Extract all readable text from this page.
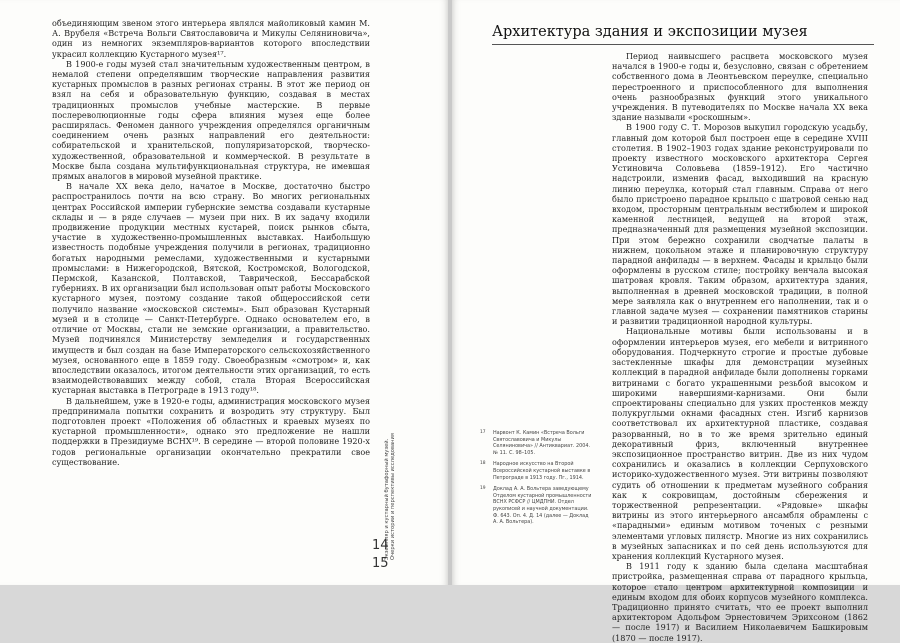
объединяющим звеном этого интерьера являлся майоликовый камин М. А. Врубеля «Встреча Вольги Святославовича и Микулы Селяниновича», один из немногих экземпляров-вариантов которого впоследствии украсил коллекцию Кустарного музея¹⁷.

В 1900-е годы музей стал значительным художественным центром, в немалой степени определявшим творческие направления развития кустарных промыслов в разных регионах страны. В этот же период он взял на себя и образовательную функцию, создавая в местах традиционных промыслов учебные мастерские. В первые послереволюционные годы сфера влияния музея еще более расширялась. Феномен данного учреждения определялся органичным соединением очень разных направлений его деятельности: собирательской и хранительской, популяризаторской, творческо-художественной, образовательной и коммерческой. В результате в Москве была создана мультифункциональная структура, не имевшая прямых аналогов в мировой музейной практике.

В начале XX века дело, начатое в Москве, достаточно быстро распространилось почти на всю страну. Во многих региональных центрах Российской империи губернские земства создавали кустарные склады и — в ряде случаев — музеи при них. В их задачу входили продвижение продукции местных кустарей, поиск рынков сбыта, участие в художественно-промышленных выставках. Наибольшую известность подобные учреждения получили в регионах, традиционно богатых народными ремеслами, художественными и кустарными промыслами: в Нижегородской, Вятской, Костромской, Вологодской, Пермской, Казанской, Полтавской, Таврической, Бессарабской губерниях. В их организации был использован опыт работы Московского кустарного музея, поэтому создание такой общероссийской сети получило название «московской системы». Был образован Кустарный музей и в столице — Санкт-Петербурге. Однако основателем его, в отличие от Москвы, стали не земские организации, а правительство. Музей подчинялся Министерству земледелия и государственных имуществ и был создан на базе Императорского сельскохозяйственного музея, основанного еще в 1859 году. Своеобразным «смотром» и, как впоследствии оказалось, итогом деятельности этих организаций, то есть взаимодействовавших между собой, стала Вторая Всероссийская кустарная выставка в Петрограде в 1913 году¹⁸.

В дальнейшем, уже в 1920-е годы, администрация московского музея предпринимала попытки сохранить и возродить эту структуру. Был подготовлен проект «Положения об областных и краевых музеях по кустарной промышленности», однако это предложение не нашли поддержки в Президиуме ВСНХ¹⁹. В середине — второй половине 1920-х годов региональные организации окончательно прекратили свое существование.	Экземпляр и кустарный бутафорный музей. Очерки истории и перспективы исследования
14
15
Архитектура здания и экспозиции музея

Период наивысшего расцвета московского музея начался в 1900-е годы и, безусловно, связан с обретением собственного дома в Леонтьевском переулке, специально перестроенного и приспособленного для выполнения очень разнообразных функций этого уникального учреждения. В путеводителях по Москве начала XX века здание называли «роскошным».

В 1900 году С. Т. Морозов выкупил городскую усадьбу, главный дом которой был построен еще в середине XVIII столетия. В 1902–1903 годах здание реконструировали по проекту известного московского архитектора Сергея Устиновича Соловьева (1859–1912). Его частично надстроили, изменив фасад, выходивший на красную линию переулка, который стал главным. Справа от него было пристроено парадное крыльцо с шатровой сенью над входом, просторным центральным вестибюлем и широкой каменной лестницей, ведущей на второй этаж, предназначенный для размещения музейной экспозиции. При этом бережно сохранили сводчатые палаты в нижнем, цокольном этаже и планировочную структуру парадной анфилады — в верхнем. Фасады и крыльцо были оформлены в русском стиле; постройку венчала высокая шатровая кровля. Таким образом, архитектура здания, выполненная в древней московской традиции, в полной мере заявляла как о внутреннем его наполнении, так и о главной задаче музея — сохранении памятников старины и развитии традиционной народной культуры.

Национальные мотивы были использованы и в оформлении интерьеров музея, его мебели и витринного оборудования. Подчеркнуто строгие и простые дубовые застекленные шкафы для демонстрации музейных коллекций в парадной анфиладе были дополнены горками витринами с богато украшенными резьбой высоком и широкими навершиями-карнизами. Они были спроектированы специально для узких простенков между полукруглыми окнами фасадных стен. Изгиб карнизов соответствовал их архитектурной пластике, создавая разорванный, но в то же время зрительно единый декоративный фриз, включенный внутреннее экспозиционное пространство витрин. Две из них чудом сохранились и оказались в коллекции Серпуховского историко-художественного музея. Эти витрины позволяют судить об отношении к предметам музейного собрания как к сокровищам, достойным сбережения и торжественной репрезентации. «Рядовые» шкафы витрины из этого интерьерного ансамбля обрамлены с «парадными» единым мотивом точеных с резными элементами угловых пилястр. Многие из них сохранились в музейных запасниках и по сей день используются для хранения коллекций Кустарного музея.

В 1911 году к зданию была сделана масштабная пристройка, размещенная справа от парадного крыльца, которое стало центром архитектурной композиции и единым входом для обоих корпусов музейного комплекса. Традиционно принято считать, что ее проект выполнил архитектором Адольфом Эрнестовичем Эрихсоном (1862 — после 1917) и Василием Николаевичем Башкировым (1870 — после 1917).

17 Нарвонт К. Камин «Встреча Вольги Святославовича и Микулы Селяниновича» // Антиквариат. 2004. № 11. С. 98–105.
18 Народное искусство на Второй Всероссийской кустарной выставке в Петрограде в 1913 году. Пг., 1914.
19 Доклад А. А. Вольтера заведующему Отделом кустарной промышленности ВСНХ РСФСР // ЦМДПНИ. Отдел рукописей и научной документации. Ф. 643. Оп. 4. Д. 14 (далее — Доклад А. А. Вольтера).
